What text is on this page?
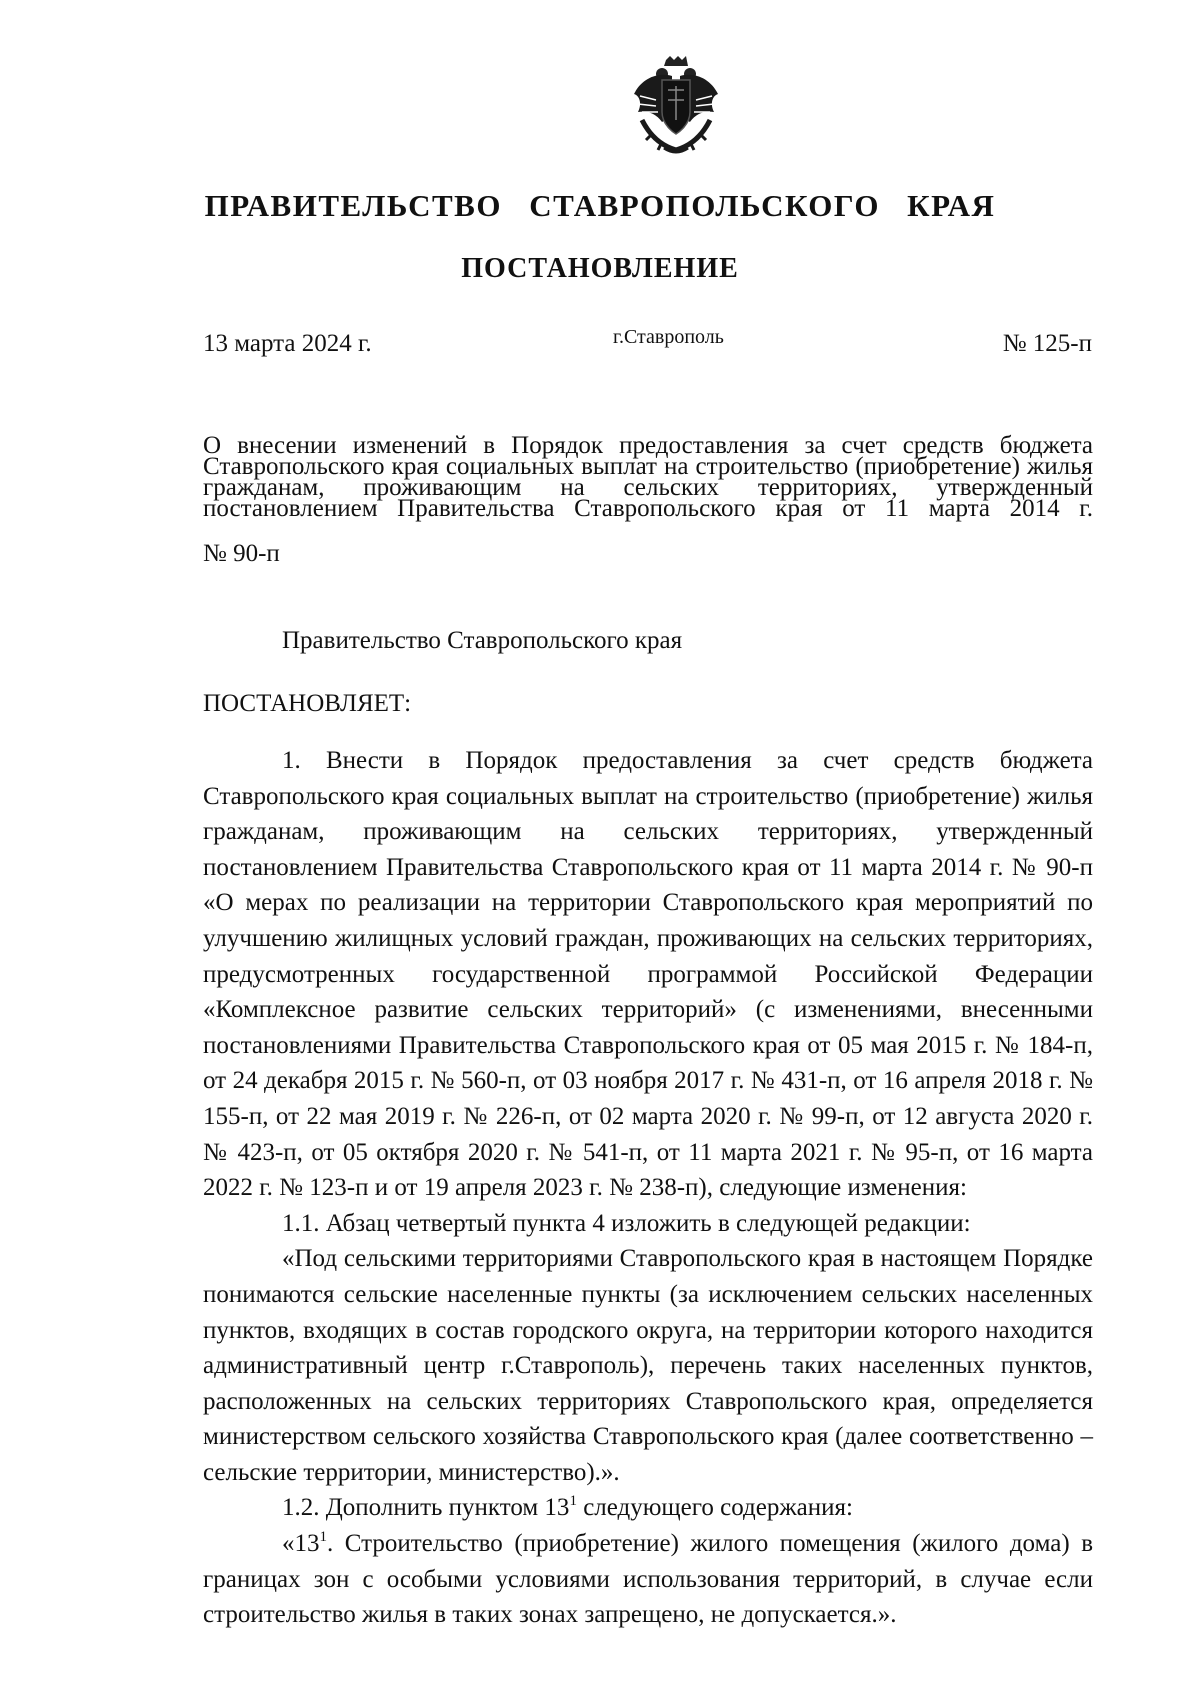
ПРАВИТЕЛЬСТВО СТАВРОПОЛЬСКОГО КРАЯ
ПОСТАНОВЛЕНИЕ
13 марта 2024 г.	г.Ставрополь	№ 125-п

О внесении изменений в Порядок предоставления за счет средств бюджета Ставропольского края социальных выплат на строительство (приобретение) жилья гражданам, проживающим на сельских территориях, утвержденный постановлением Правительства Ставропольского края от 11 марта 2014 г.

№ 90-п

Правительство Ставропольского края

ПОСТАНОВЛЯЕТ:

1. Внести в Порядок предоставления за счет средств бюджета Ставропольского края социальных выплат на строительство (приобретение) жилья гражданам, проживающим на сельских территориях, утвержденный постановлением Правительства Ставропольского края от 11 марта 2014 г. № 90-п «О мерах по реализации на территории Ставропольского края мероприятий по улучшению жилищных условий граждан, проживающих на сельских территориях, предусмотренных государственной программой Российской Федерации «Комплексное развитие сельских территорий» (с изменениями, внесенными постановлениями Правительства Ставропольского края от 05 мая 2015 г. № 184-п, от 24 декабря 2015 г. № 560-п, от 03 ноября 2017 г. № 431-п, от 16 апреля 2018 г. № 155-п, от 22 мая 2019 г. № 226-п, от 02 марта 2020 г. № 99-п, от 12 августа 2020 г. № 423-п, от 05 октября 2020 г. № 541-п, от 11 марта 2021 г. № 95-п, от 16 марта 2022 г. № 123-п и от 19 апреля 2023 г. № 238-п), следующие изменения:

1.1. Абзац четвертый пункта 4 изложить в следующей редакции:

«Под сельскими территориями Ставропольского края в настоящем Порядке понимаются сельские населенные пункты (за исключением сельских населенных пунктов, входящих в состав городского округа, на территории которого находится административный центр г.Ставрополь), перечень таких населенных пунктов, расположенных на сельских территориях Ставропольского края, определяется министерством сельского хозяйства Ставропольского края (далее соответственно – сельские территории, министерство).».

1.2. Дополнить пунктом $13^1$ следующего содержания:

«$13^1$. Строительство (приобретение) жилого помещения (жилого дома) в границах зон с особыми условиями использования территорий, в случае если строительство жилья в таких зонах запрещено, не допускается.».
